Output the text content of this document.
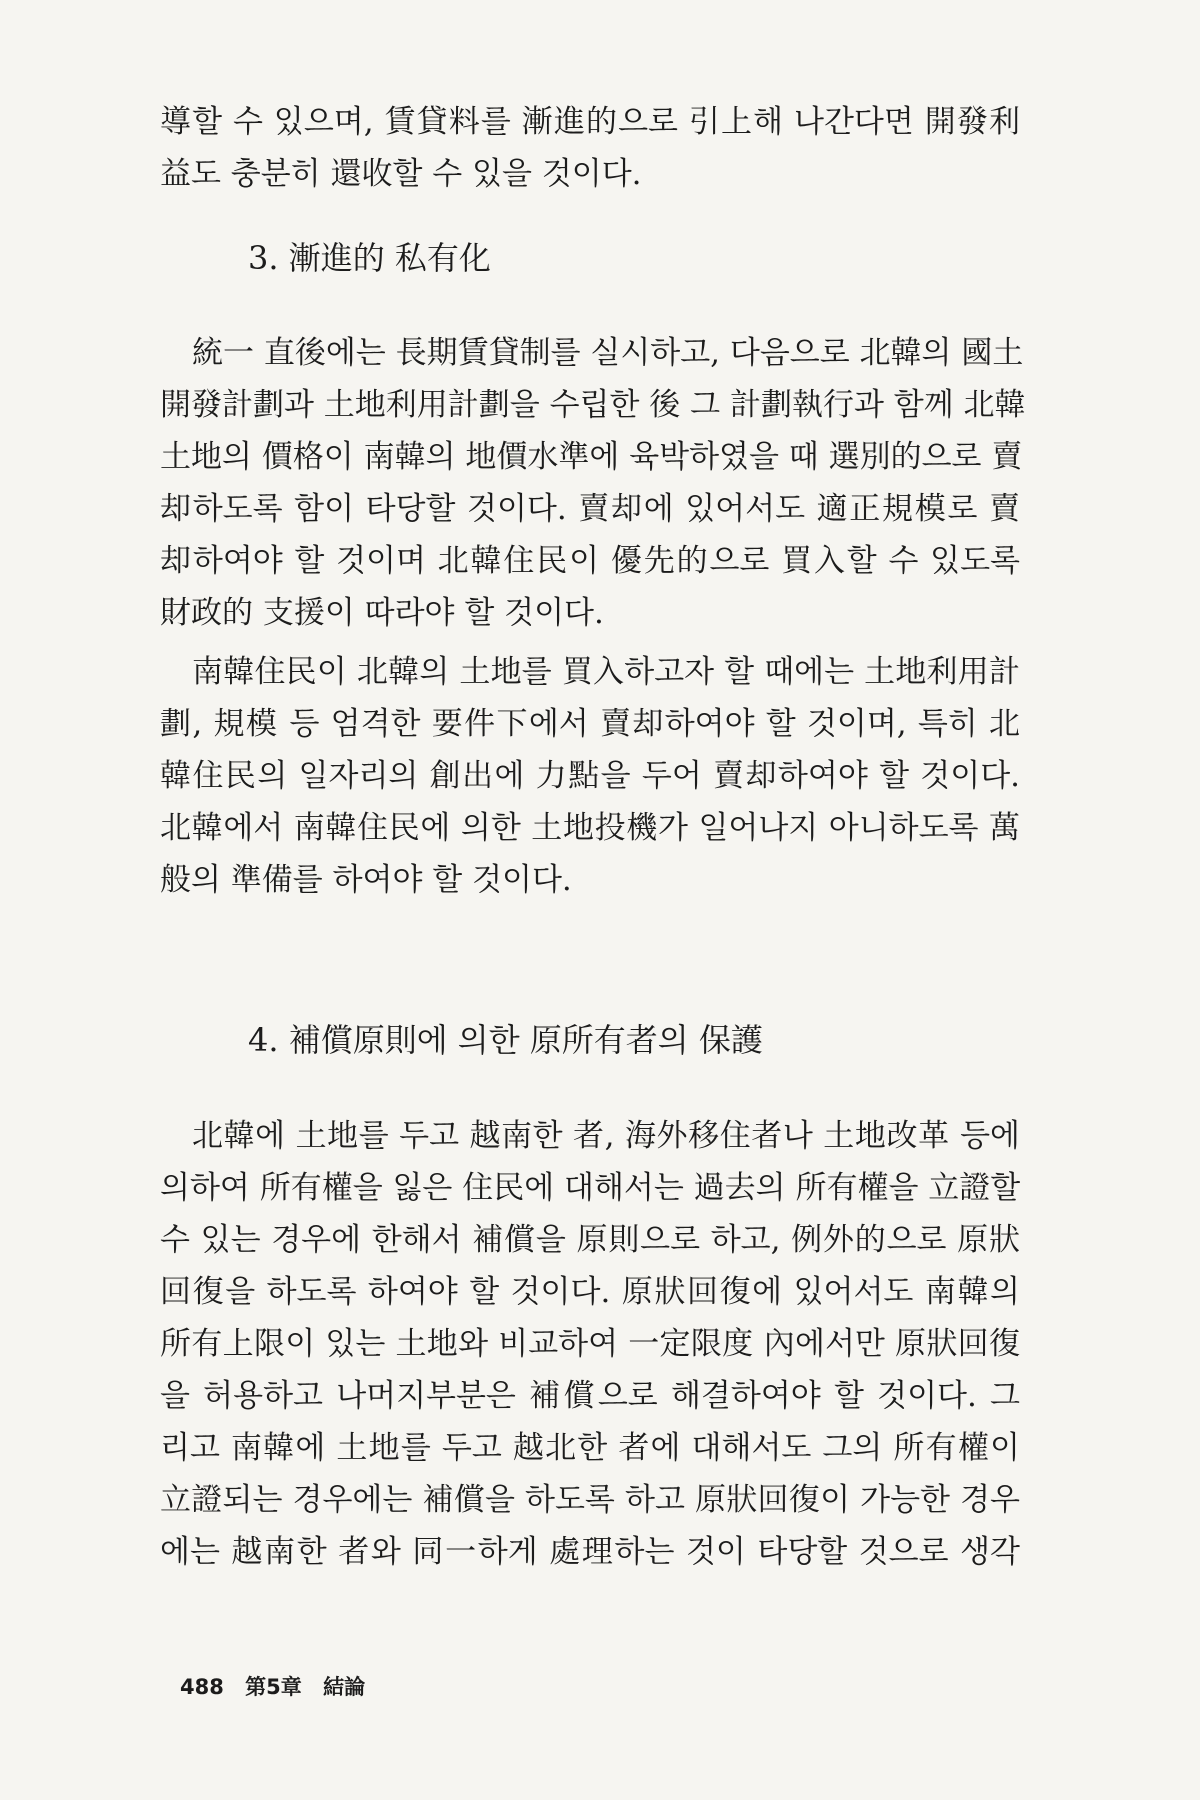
導할 수 있으며, 賃貸料를 漸進的으로 引上해 나간다면 開發利
益도 충분히 還收할 수 있을 것이다.
3. 漸進的 私有化
統一 直後에는 長期賃貸制를 실시하고, 다음으로 北韓의 國土
開發計劃과 土地利用計劃을 수립한 後 그 計劃執行과 함께 北韓
土地의 價格이 南韓의 地價水準에 육박하였을 때 選別的으로 賣
却하도록 함이 타당할 것이다. 賣却에 있어서도 適正規模로 賣
却하여야 할 것이며 北韓住民이 優先的으로 買入할 수 있도록
財政的 支援이 따라야 할 것이다.
南韓住民이 北韓의 土地를 買入하고자 할 때에는 土地利用計
劃, 規模 등 엄격한 要件下에서 賣却하여야 할 것이며, 특히 北
韓住民의 일자리의 創出에 力點을 두어 賣却하여야 할 것이다.
北韓에서 南韓住民에 의한 土地投機가 일어나지 아니하도록 萬
般의 準備를 하여야 할 것이다.
4. 補償原則에 의한 原所有者의 保護
北韓에 土地를 두고 越南한 者, 海外移住者나 土地改革 등에
의하여 所有權을 잃은 住民에 대해서는 過去의 所有權을 立證할
수 있는 경우에 한해서 補償을 原則으로 하고, 例外的으로 原狀
回復을 하도록 하여야 할 것이다. 原狀回復에 있어서도 南韓의
所有上限이 있는 土地와 비교하여 一定限度 內에서만 原狀回復
을 허용하고 나머지부분은 補償으로 해결하여야 할 것이다. 그
리고 南韓에 土地를 두고 越北한 者에 대해서도 그의 所有權이
立證되는 경우에는 補償을 하도록 하고 原狀回復이 가능한 경우
에는 越南한 者와 同一하게 處理하는 것이 타당할 것으로 생각
488 第5章 結論
